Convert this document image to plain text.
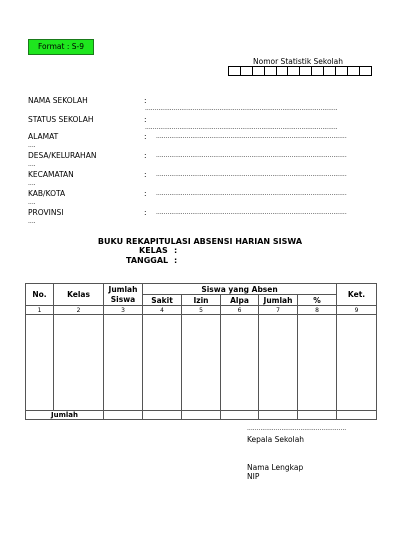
Format : S-9
Nomor Statistik Sekolah
NAMA SEKOLAH	:
.....................................................................................................
STATUS SEKOLAH	:
.....................................................................................................
ALAMAT	: ....................................................................................................
....
DESA/KELURAHAN	: ....................................................................................................
....
KECAMATAN	: ....................................................................................................
....
KAB/KOTA	: ....................................................................................................
....
PROVINSI	: ....................................................................................................
....
BUKU REKAPITULASI ABSENSI HARIAN SISWA
KELAS :
TANGGAL :
No.	Kelas	Jumlah	Siswa yang Absen					Ket.
		Siswa	Sakit	Izin	Alpa	Jumlah	%	
1	2	3	4	5	6	7	8	9

Jumlah								
....................................................
Kepala Sekolah
Nama Lengkap
NIP
